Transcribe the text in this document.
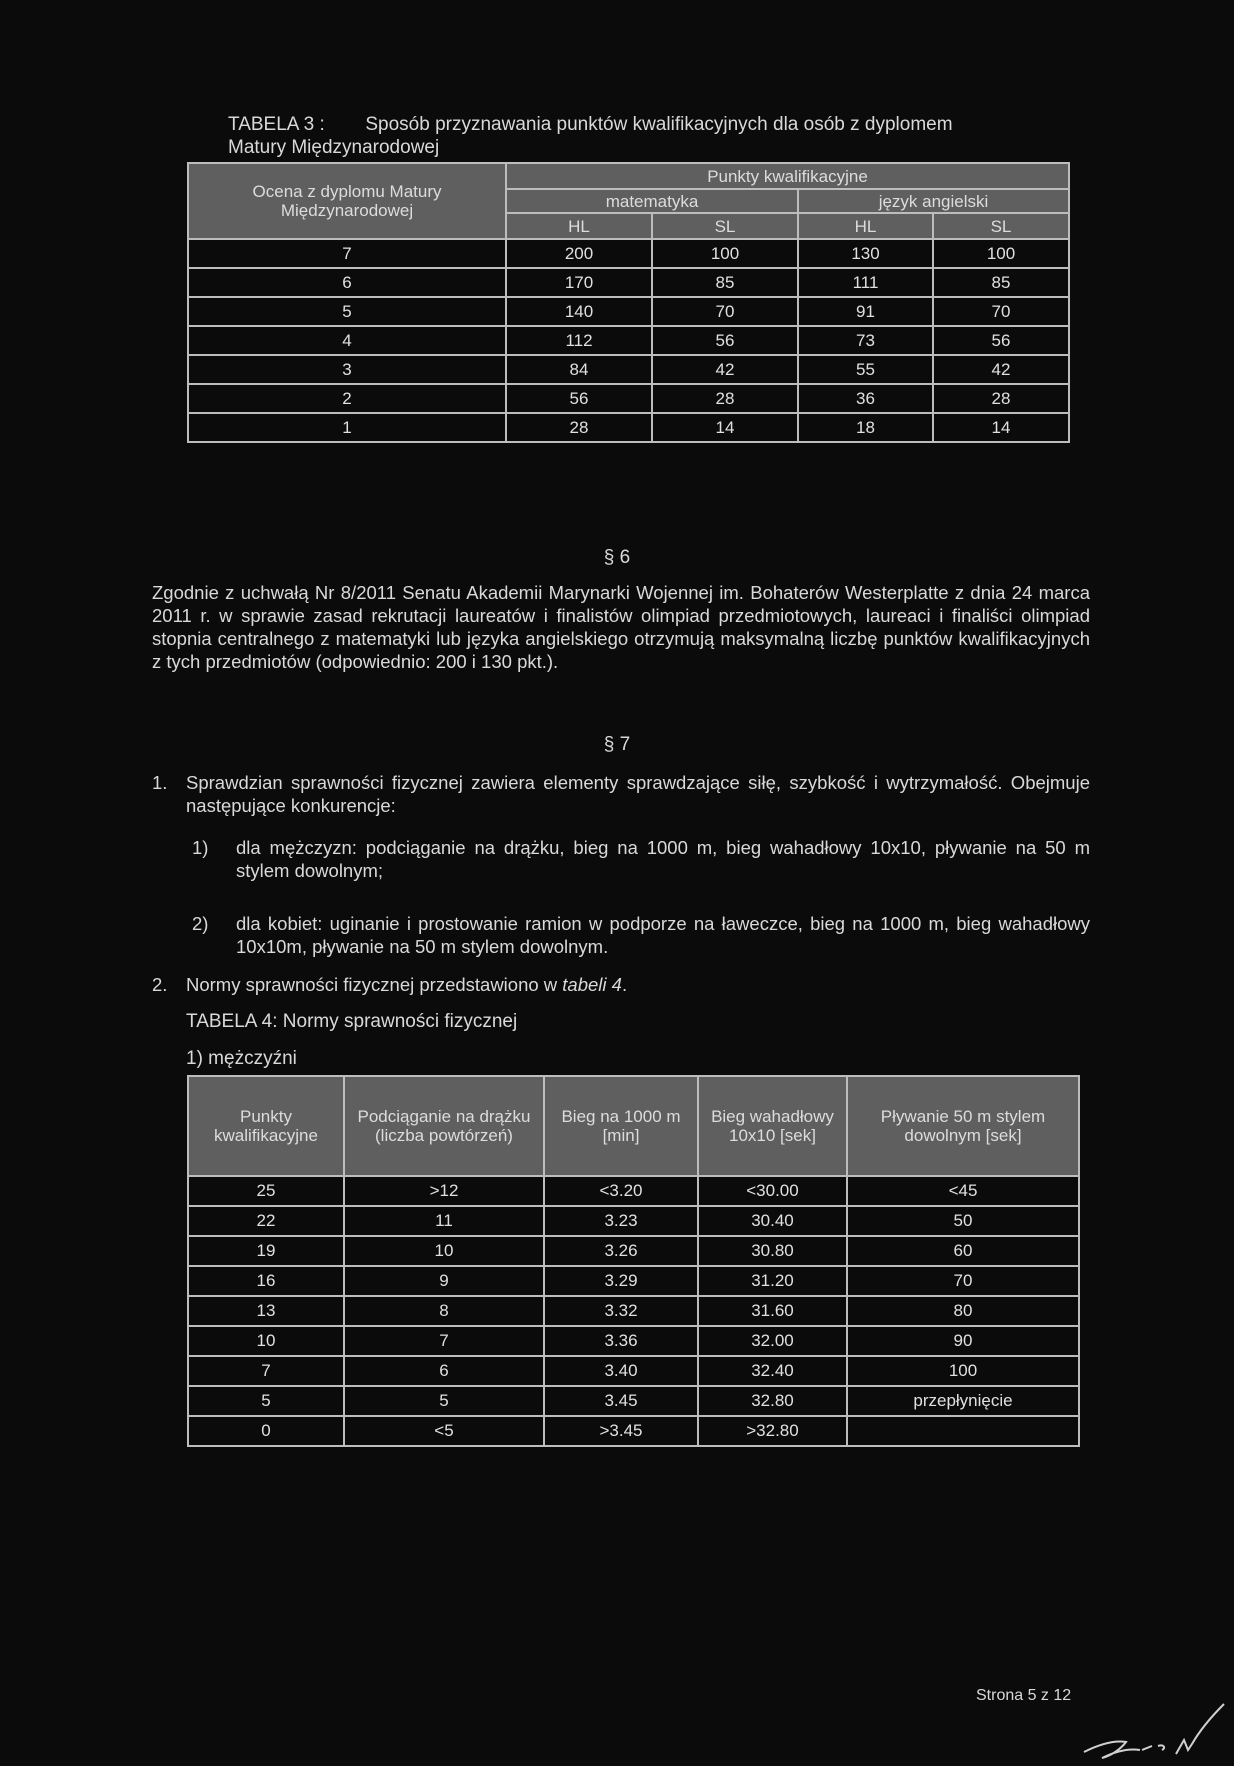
TABELA 3 : Sposób przyznawania punktów kwalifikacyjnych dla osób z dyplomem
Matury Międzynarodowej
Ocena z dyplomu Matury Międzynarodowej	Punkty kwalifikacyjne			
	matematyka		język angielski	
	HL	SL	HL	SL
7	200	100	130	100
6	170	85	111	85
5	140	70	91	70
4	112	56	73	56
3	84	42	55	42
2	56	28	36	28
1	28	14	18	14
§ 6
Zgodnie z uchwałą Nr 8/2011 Senatu Akademii Marynarki Wojennej im. Bohaterów Westerplatte z dnia 24 marca 2011 r. w sprawie zasad rekrutacji laureatów i finalistów olimpiad przedmiotowych, laureaci i finaliści olimpiad stopnia centralnego z matematyki lub języka angielskiego otrzymują maksymalną liczbę punktów kwalifikacyjnych z tych przedmiotów (odpowiednio: 200 i 130 pkt.).
§ 7
1. Sprawdzian sprawności fizycznej zawiera elementy sprawdzające siłę, szybkość i wytrzymałość. Obejmuje następujące konkurencje:
1) dla mężczyzn: podciąganie na drążku, bieg na 1000 m, bieg wahadłowy 10x10, pływanie na 50 m stylem dowolnym;
2) dla kobiet: uginanie i prostowanie ramion w podporze na ławeczce, bieg na 1000 m, bieg wahadłowy 10x10m, pływanie na 50 m stylem dowolnym.
2. Normy sprawności fizycznej przedstawiono w tabeli 4.
TABELA 4: Normy sprawności fizycznej
1) mężczyźni
Punkty kwalifikacyjne	Podciąganie na drążku (liczba powtórzeń)	Bieg na 1000 m [min]	Bieg wahadłowy 10x10 [sek]	Pływanie 50 m stylem dowolnym [sek]
25	>12	<3.20	<30.00	<45
22	11	3.23	30.40	50
19	10	3.26	30.80	60
16	9	3.29	31.20	70
13	8	3.32	31.60	80
10	7	3.36	32.00	90
7	6	3.40	32.40	100
5	5	3.45	32.80	przepłynięcie
0	<5	>3.45	>32.80	
Strona 5 z 12
